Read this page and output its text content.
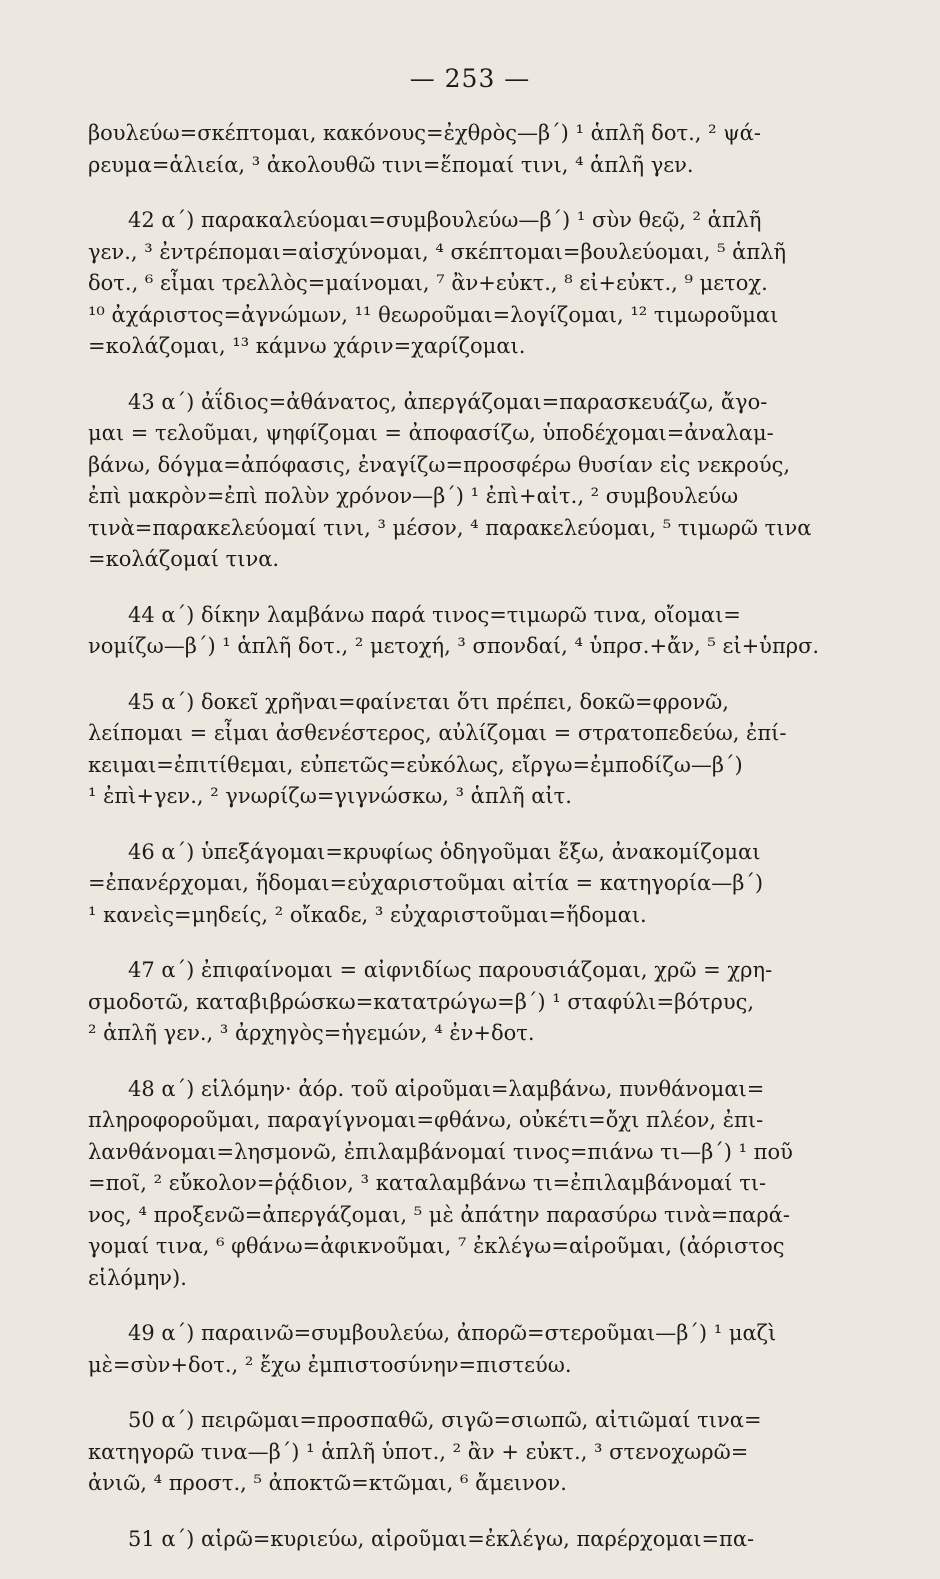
— 253 —
βουλεύω=σκέπτομαι, κακόνους=ἐχθρὸς—β΄) ¹ ἁπλῆ δοτ., ² ψά-
ρευμα=ἁλιεία, ³ ἀκολουθῶ τινι=ἕπομαί τινι, ⁴ ἁπλῆ γεν.
42 α΄) παρακαλεύομαι=συμβουλεύω—β΄) ¹ σὺν θεῷ, ² ἁπλῆ
γεν., ³ ἐντρέπομαι=αἰσχύνομαι, ⁴ σκέπτομαι=βουλεύομαι, ⁵ ἁπλῆ
δοτ., ⁶ εἶμαι τρελλὸς=μαίνομαι, ⁷ ἂν+εὐκτ., ⁸ εἰ+εὐκτ., ⁹ μετοχ.
¹⁰ ἀχάριστος=ἀγνώμων, ¹¹ θεωροῦμαι=λογίζομαι, ¹² τιμωροῦμαι
=κολάζομαι, ¹³ κάμνω χάριν=χαρίζομαι.
43 α΄) ἀΐδιος=ἀθάνατος, ἀπεργάζομαι=παρασκευάζω, ἄγο-
μαι = τελοῦμαι, ψηφίζομαι = ἀποφασίζω, ὑποδέχομαι=ἀναλαμ-
βάνω, δόγμα=ἀπόφασις, ἐναγίζω=προσφέρω θυσίαν εἰς νεκρούς,
ἐπὶ μακρὸν=ἐπὶ πολὺν χρόνον—β΄) ¹ ἐπὶ+αἰτ., ² συμβουλεύω
τινὰ=παρακελεύομαί τινι, ³ μέσον, ⁴ παρακελεύομαι, ⁵ τιμωρῶ τινα
=κολάζομαί τινα.
44 α΄) δίκην λαμβάνω παρά τινος=τιμωρῶ τινα, οἴομαι=
νομίζω—β΄) ¹ ἁπλῆ δοτ., ² μετοχή, ³ σπονδαί, ⁴ ὑπρσ.+ἄν, ⁵ εἰ+ὑπρσ.
45 α΄) δοκεῖ χρῆναι=φαίνεται ὅτι πρέπει, δοκῶ=φρονῶ,
λείπομαι = εἶμαι ἀσθενέστερος, αὐλίζομαι = στρατοπεδεύω, ἐπί-
κειμαι=ἐπιτίθεμαι, εὐπετῶς=εὐκόλως, εἴργω=ἐμποδίζω—β΄)
¹ ἐπὶ+γεν., ² γνωρίζω=γιγνώσκω, ³ ἁπλῆ αἰτ.
46 α΄) ὑπεξάγομαι=κρυφίως ὁδηγοῦμαι ἔξω, ἀνακομίζομαι
=ἐπανέρχομαι, ἥδομαι=εὐχαριστοῦμαι αἰτία = κατηγορία—β΄)
¹ κανεὶς=μηδείς, ² οἴκαδε, ³ εὐχαριστοῦμαι=ἥδομαι.
47 α΄) ἐπιφαίνομαι = αἰφνιδίως παρουσιάζομαι, χρῶ = χρη-
σμοδοτῶ, καταβιβρώσκω=κατατρώγω=β΄) ¹ σταφύλι=βότρυς,
² ἁπλῆ γεν., ³ ἀρχηγὸς=ἡγεμών, ⁴ ἐν+δοτ.
48 α΄) εἱλόμην· ἀόρ. τοῦ αἱροῦμαι=λαμβάνω, πυνθάνομαι=
πληροφοροῦμαι, παραγίγνομαι=φθάνω, οὐκέτι=ὄχι πλέον, ἐπι-
λανθάνομαι=λησμονῶ, ἐπιλαμβάνομαί τινος=πιάνω τι—β΄) ¹ ποῦ
=ποῖ, ² εὔκολον=ῥᾴδιον, ³ καταλαμβάνω τι=ἐπιλαμβάνομαί τι-
νος, ⁴ προξενῶ=ἀπεργάζομαι, ⁵ μὲ ἀπάτην παρασύρω τινὰ=παρά-
γομαί τινα, ⁶ φθάνω=ἀφικνοῦμαι, ⁷ ἐκλέγω=αἱροῦμαι, (ἀόριστος
εἱλόμην).
49 α΄) παραινῶ=συμβουλεύω, ἀπορῶ=στεροῦμαι—β΄) ¹ μαζὶ
μὲ=σὺν+δοτ., ² ἔχω ἐμπιστοσύνην=πιστεύω.
50 α΄) πειρῶμαι=προσπαθῶ, σιγῶ=σιωπῶ, αἰτιῶμαί τινα=
κατηγορῶ τινα—β΄) ¹ ἁπλῆ ὑποτ., ² ἂν + εὐκτ., ³ στενοχωρῶ=
ἀνιῶ, ⁴ προστ., ⁵ ἀποκτῶ=κτῶμαι, ⁶ ἄμεινον.
51 α΄) αἱρῶ=κυριεύω, αἱροῦμαι=ἐκλέγω, παρέρχομαι=πα-
